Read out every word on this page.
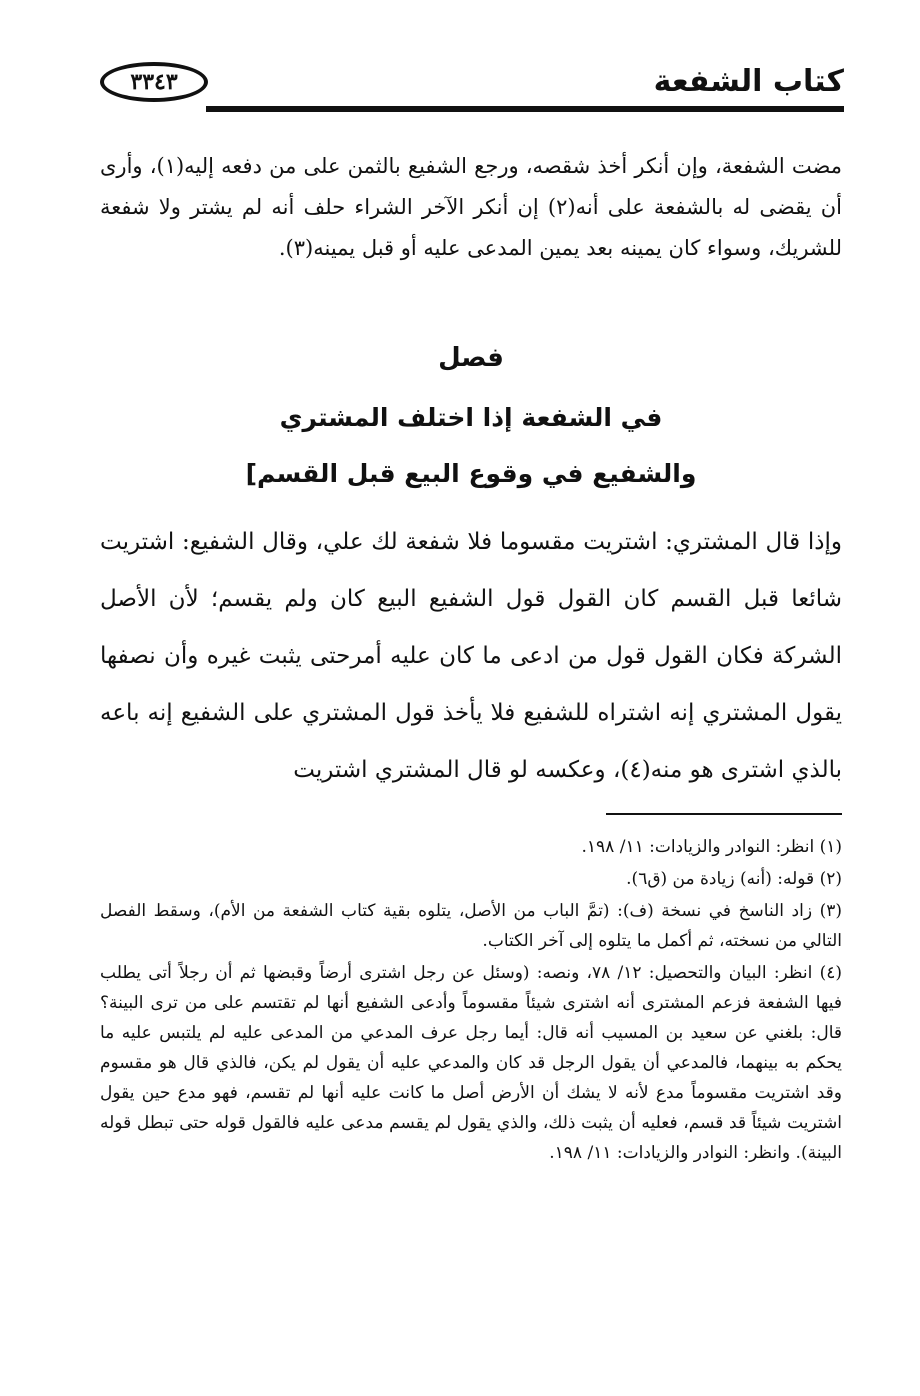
كتاب الشفعة
٣٣٤٣
مضت الشفعة، وإن أنكر أخذ شقصه، ورجع الشفيع بالثمن على من دفعه إليه(١)، وأرى أن يقضى له بالشفعة على أنه(٢) إن أنكر الآخر الشراء حلف أنه لم يشتر ولا شفعة للشريك، وسواء كان يمينه بعد يمين المدعى عليه أو قبل يمينه(٣).
فصل
في الشفعة إذا اختلف المشتري
والشفيع في وقوع البيع قبل القسم]
وإذا قال المشتري: اشتريت مقسوما فلا شفعة لك علي، وقال الشفيع: اشتريت شائعا قبل القسم كان القول قول الشفيع البيع كان ولم يقسم؛ لأن الأصل الشركة فكان القول قول من ادعى ما كان عليه أمرحتى يثبت غيره وأن نصفها يقول المشتري إنه اشتراه للشفيع فلا يأخذ قول المشتري على الشفيع إنه باعه بالذي اشترى هو منه(٤)، وعكسه لو قال المشتري اشتريت

(١) انظر: النوادر والزيادات: ١١/ ١٩٨.

(٢) قوله: (أنه) زيادة من (ق٦).

(٣) زاد الناسخ في نسخة (ف): (تمَّ الباب من الأصل، يتلوه بقية كتاب الشفعة من الأم)، وسقط الفصل التالي من نسخته، ثم أكمل ما يتلوه إلى آخر الكتاب.

(٤) انظر: البيان والتحصيل: ١٢/ ٧٨، ونصه: (وسئل عن رجل اشترى أرضاً وقبضها ثم أن رجلاً أتى يطلب فيها الشفعة فزعم المشترى أنه اشترى شيئاً مقسوماً وأدعى الشفيع أنها لم تقتسم على من ترى البينة؟ قال: بلغني عن سعيد بن المسيب أنه قال: أيما رجل عرف المدعي من المدعى عليه لم يلتبس عليه ما يحكم به بينهما، فالمدعي أن يقول الرجل قد كان والمدعي عليه أن يقول لم يكن، فالذي قال هو مقسوم وقد اشتريت مقسوماً مدع لأنه لا يشك أن الأرض أصل ما كانت عليه أنها لم تقسم، فهو مدع حين يقول اشتريت شيئاً قد قسم، فعليه أن يثبت ذلك، والذي يقول لم يقسم مدعى عليه فالقول قوله حتى تبطل قوله البينة). وانظر: النوادر والزيادات: ١١/ ١٩٨.
